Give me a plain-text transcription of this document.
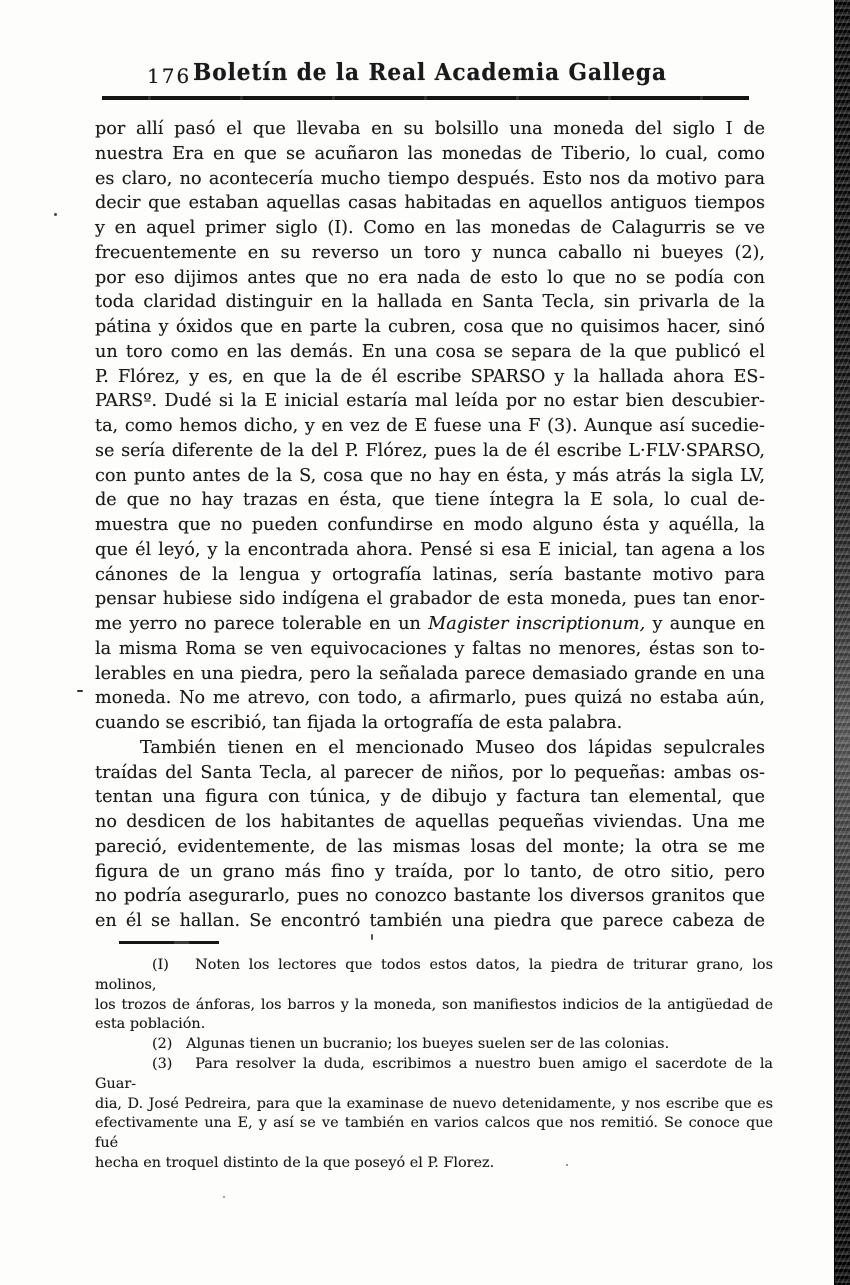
176 Boletín de la Real Academia Gallega
por allí pasó el que llevaba en su bolsillo una moneda del siglo I de
nuestra Era en que se acuñaron las monedas de Tiberio, lo cual, como
es claro, no acontecería mucho tiempo después. Esto nos da motivo para
decir que estaban aquellas casas habitadas en aquellos antiguos tiempos
y en aquel primer siglo (I). Como en las monedas de Calagurris se ve
frecuentemente en su reverso un toro y nunca caballo ni bueyes (2),
por eso dijimos antes que no era nada de esto lo que no se podía con
toda claridad distinguir en la hallada en Santa Tecla, sin privarla de la
pátina y óxidos que en parte la cubren, cosa que no quisimos hacer, sinó
un toro como en las demás. En una cosa se separa de la que publicó el
P. Flórez, y es, en que la de él escribe SPARSO y la hallada ahora ES-
PARSº. Dudé si la E inicial estaría mal leída por no estar bien descubier-
ta, como hemos dicho, y en vez de E fuese una F (3). Aunque así sucedie-
se sería diferente de la del P. Flórez, pues la de él escribe L·FLV·SPARSO,
con punto antes de la S, cosa que no hay en ésta, y más atrás la sigla LV,
de que no hay trazas en ésta, que tiene íntegra la E sola, lo cual de-
muestra que no pueden confundirse en modo alguno ésta y aquélla, la
que él leyó, y la encontrada ahora. Pensé si esa E inicial, tan agena a los
cánones de la lengua y ortografía latinas, sería bastante motivo para
pensar hubiese sido indígena el grabador de esta moneda, pues tan enor-
me yerro no parece tolerable en un Magister inscriptionum, y aunque en
la misma Roma se ven equivocaciones y faltas no menores, éstas son to-
lerables en una piedra, pero la señalada parece demasiado grande en una
moneda. No me atrevo, con todo, a afirmarlo, pues quizá no estaba aún,
cuando se escribió, tan fijada la ortografía de esta palabra.
También tienen en el mencionado Museo dos lápidas sepulcrales
traídas del Santa Tecla, al parecer de niños, por lo pequeñas: ambas os-
tentan una figura con túnica, y de dibujo y factura tan elemental, que
no desdicen de los habitantes de aquellas pequeñas viviendas. Una me
pareció, evidentemente, de las mismas losas del monte; la otra se me
figura de un grano más fino y traída, por lo tanto, de otro sitio, pero
no podría asegurarlo, pues no conozco bastante los diversos granitos que
en él se hallan. Se encontró también una piedra que parece cabeza de
(I)   Noten los lectores que todos estos datos, la piedra de triturar grano, los molinos,
los trozos de ánforas, los barros y la moneda, son manifiestos indicios de la antigüedad de
esta población.
(2)   Algunas tienen un bucranio; los bueyes suelen ser de las colonias.
(3)   Para resolver la duda, escribimos a nuestro buen amigo el sacerdote de la Guar-
dia, D. José Pedreira, para que la examinase de nuevo detenidamente, y nos escribe que es
efectivamente una E, y así se ve también en varios calcos que nos remitió. Se conoce que fué
hecha en troquel distinto de la que poseyó el P. Florez.
